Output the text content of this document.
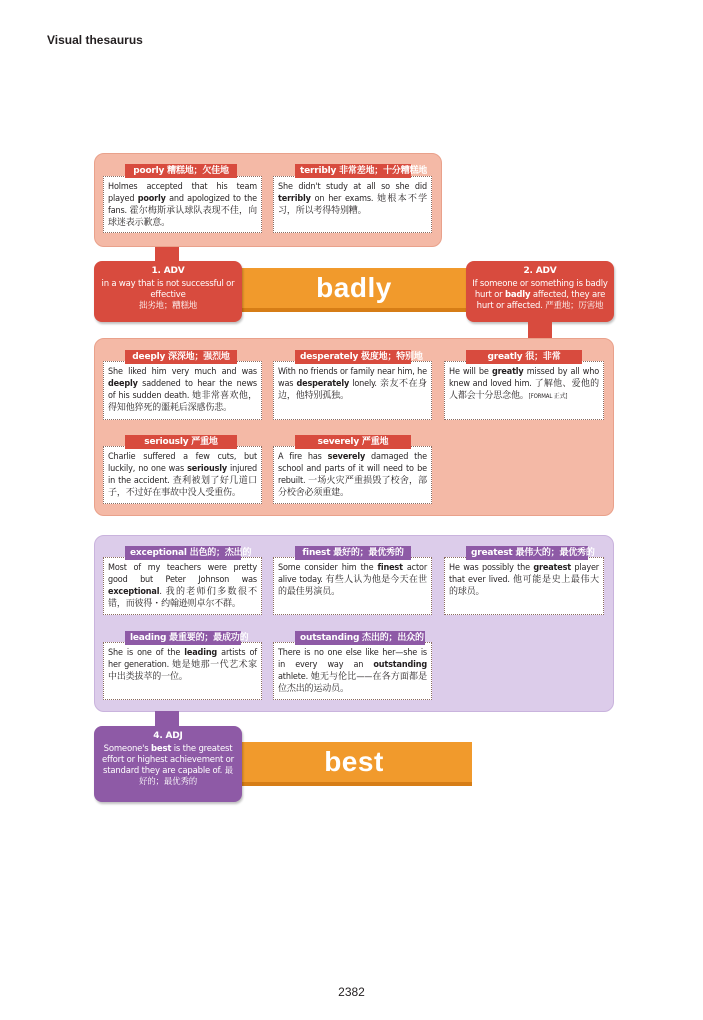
Visual thesaurus

Holmes accepted that his team played poorly and apologized to the fans. 霍尔梅斯承认球队表现不佳，向球迷表示歉意。

poorly 糟糕地；欠佳地

She didn't study at all so she did terribly on her exams. 她根本不学习，所以考得特别糟。

terribly 非常差地；十分糟糕地
badly
1. ADV
in a way that is not successful or effective
拙劣地；糟糕地
2. ADV
If someone or something is badly hurt or badly affected, they are hurt or affected. 严重地；厉害地

She liked him very much and was deeply saddened to hear the news of his sudden death. 她非常喜欢他，得知他猝死的噩耗后深感伤悲。

deeply 深深地；强烈地

With no friends or family near him, he was desperately lonely. 亲友不在身边，他特别孤独。

desperately 极度地；特别地

He will be greatly missed by all who knew and loved him. 了解他、爱他的人都会十分思念他。[FORMAL 正式]

greatly 很；非常

Charlie suffered a few cuts, but luckily, no one was seriously injured in the accident. 查利被划了好几道口子，不过好在事故中没人受重伤。

seriously 严重地

A fire has severely damaged the school and parts of it will need to be rebuilt. 一场火灾严重损毁了校舍，部分校舍必须重建。

severely 严重地

Most of my teachers were pretty good but Peter Johnson was exceptional. 我的老师们多数很不错，而彼得・约翰逊则卓尔不群。

exceptional 出色的；杰出的

Some consider him the finest actor alive today. 有些人认为他是今天在世的最佳男演员。

finest 最好的；最优秀的

He was possibly the greatest player that ever lived. 他可能是史上最伟大的球员。

greatest 最伟大的；最优秀的

She is one of the leading artists of her generation. 她是她那一代艺术家中出类拔萃的一位。

leading 最重要的；最成功的

There is no one else like her—she is in every way an outstanding athlete. 她无与伦比——在各方面都是位杰出的运动员。

outstanding 杰出的；出众的
best
4. ADJ
Someone's best is the greatest effort or highest achievement or standard they are capable of. 最好的；最优秀的
2382
